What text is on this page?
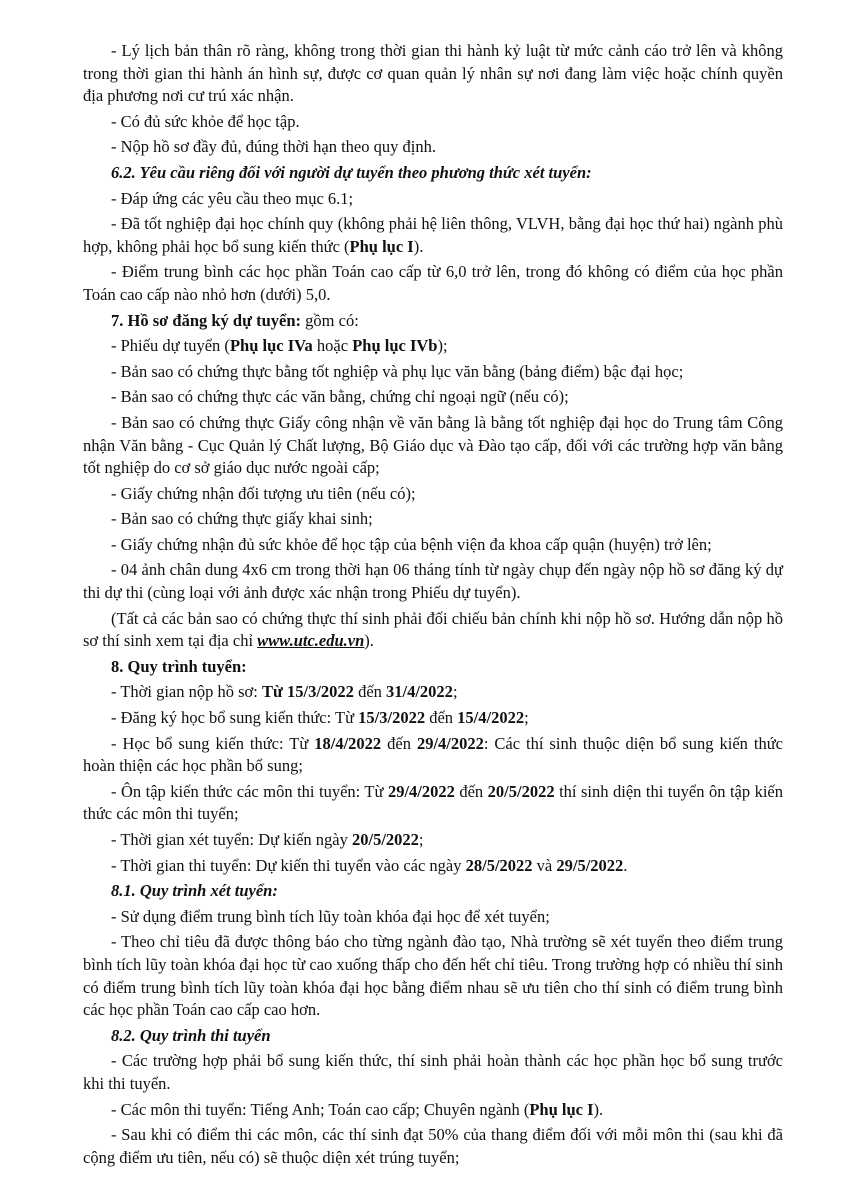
- Lý lịch bản thân rõ ràng, không trong thời gian thi hành kỷ luật từ mức cảnh cáo trở lên và không trong thời gian thi hành án hình sự, được cơ quan quản lý nhân sự nơi đang làm việc hoặc chính quyền địa phương nơi cư trú xác nhận.

- Có đủ sức khỏe để học tập.

- Nộp hồ sơ đầy đủ, đúng thời hạn theo quy định.

6.2. Yêu cầu riêng đối với người dự tuyển theo phương thức xét tuyển:

- Đáp ứng các yêu cầu theo mục 6.1;

- Đã tốt nghiệp đại học chính quy (không phải hệ liên thông, VLVH, bằng đại học thứ hai) ngành phù hợp, không phải học bổ sung kiến thức (Phụ lục I).

- Điểm trung bình các học phần Toán cao cấp từ 6,0 trở lên, trong đó không có điểm của học phần Toán cao cấp nào nhỏ hơn (dưới) 5,0.

7. Hồ sơ đăng ký dự tuyển: gồm có:

- Phiếu dự tuyển (Phụ lục IVa hoặc Phụ lục IVb);

- Bản sao có chứng thực bằng tốt nghiệp và phụ lục văn bằng (bảng điểm) bậc đại học;

- Bản sao có chứng thực các văn bằng, chứng chỉ ngoại ngữ (nếu có);

- Bản sao có chứng thực Giấy công nhận về văn bằng là bằng tốt nghiệp đại học do Trung tâm Công nhận Văn bằng - Cục Quản lý Chất lượng, Bộ Giáo dục và Đào tạo cấp, đối với các trường hợp văn bằng tốt nghiệp do cơ sở giáo dục nước ngoài cấp;

- Giấy chứng nhận đối tượng ưu tiên (nếu có);

- Bản sao có chứng thực giấy khai sinh;

- Giấy chứng nhận đủ sức khỏe để học tập của bệnh viện đa khoa cấp quận (huyện) trở lên;

- 04 ảnh chân dung 4x6 cm trong thời hạn 06 tháng tính từ ngày chụp đến ngày nộp hồ sơ đăng ký dự thi dự thi (cùng loại với ảnh được xác nhận trong Phiếu dự tuyển).

(Tất cả các bản sao có chứng thực thí sinh phải đối chiếu bản chính khi nộp hồ sơ. Hướng dẫn nộp hồ sơ thí sinh xem tại địa chỉ www.utc.edu.vn).

8. Quy trình tuyển:

- Thời gian nộp hồ sơ: Từ 15/3/2022 đến 31/4/2022;

- Đăng ký học bổ sung kiến thức: Từ 15/3/2022 đến 15/4/2022;

- Học bổ sung kiến thức: Từ 18/4/2022 đến 29/4/2022: Các thí sinh thuộc diện bổ sung kiến thức hoàn thiện các học phần bổ sung;

- Ôn tập kiến thức các môn thi tuyển: Từ 29/4/2022 đến 20/5/2022 thí sinh diện thi tuyển ôn tập kiến thức các môn thi tuyển;

- Thời gian xét tuyển: Dự kiến ngày 20/5/2022;

- Thời gian thi tuyển: Dự kiến thi tuyển vào các ngày 28/5/2022 và 29/5/2022.

8.1. Quy trình xét tuyển:

- Sử dụng điểm trung bình tích lũy toàn khóa đại học để xét tuyển;

- Theo chỉ tiêu đã được thông báo cho từng ngành đào tạo, Nhà trường sẽ xét tuyển theo điểm trung bình tích lũy toàn khóa đại học từ cao xuống thấp cho đến hết chỉ tiêu. Trong trường hợp có nhiều thí sinh có điểm trung bình tích lũy toàn khóa đại học bằng điểm nhau sẽ ưu tiên cho thí sinh có điểm trung bình các học phần Toán cao cấp cao hơn.

8.2. Quy trình thi tuyển

- Các trường hợp phải bổ sung kiến thức, thí sinh phải hoàn thành các học phần học bổ sung trước khi thi tuyển.

- Các môn thi tuyển: Tiếng Anh; Toán cao cấp; Chuyên ngành (Phụ lục I).

- Sau khi có điểm thi các môn, các thí sinh đạt 50% của thang điểm đối với mỗi môn thi (sau khi đã cộng điểm ưu tiên, nếu có) sẽ thuộc diện xét trúng tuyển;
